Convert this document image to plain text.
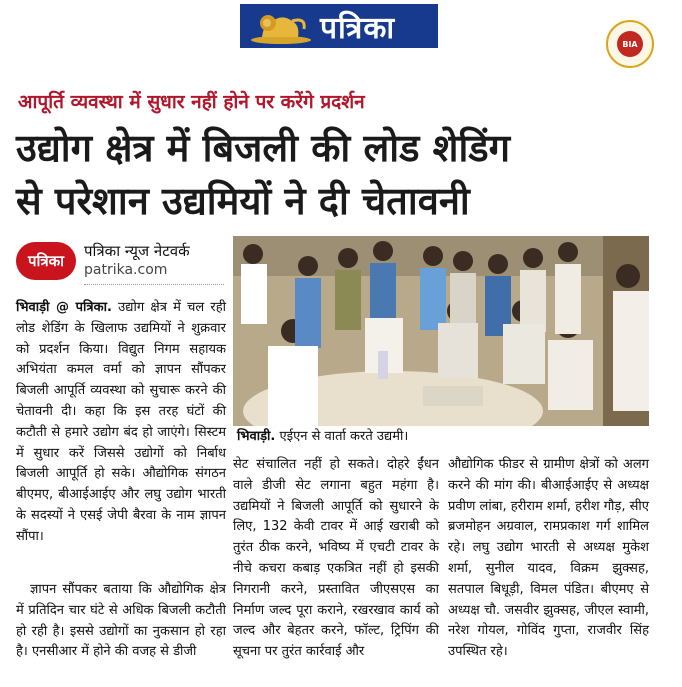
पत्रिका	BIA
आपूर्ति व्यवस्था में सुधार नहीं होने पर करेंगे प्रदर्शन
उद्योग क्षेत्र में बिजली की लोड शेडिंग
से परेशान उद्यमियों ने दी चेतावनी
पत्रिका
पत्रिका न्यूज नेटवर्क
patrika.com
भिवाड़ी. एईएन से वार्ता करते उद्यमी।

भिवाड़ी @ पत्रिका. उद्योग क्षेत्र में चल रही लोड शेडिंग के खिलाफ उद्यमियों ने शुक्रवार को प्रदर्शन किया। विद्युत निगम सहायक अभियंता कमल वर्मा को ज्ञापन सौंपकर बिजली आपूर्ति व्यवस्था को सुचारू करने की चेतावनी दी। कहा कि इस तरह घंटों की कटौती से हमारे उद्योग बंद हो जाएंगे। सिस्टम में सुधार करें जिससे उद्योगों को निर्बाध बिजली आपूर्ति हो सके। औद्योगिक संगठन बीएमए, बीआईआईए और लघु उद्योग भारती के सदस्यों ने एसई जेपी बैरवा के नाम ज्ञापन सौंपा।

ज्ञापन सौंपकर बताया कि औद्योगिक क्षेत्र में प्रतिदिन चार घंटे से अधिक बिजली कटौती हो रही है। इससे उद्योगों का नुकसान हो रहा है। एनसीआर में होने की वजह से डीजी

सेट संचालित नहीं हो सकते। दोहरे ईंधन वाले डीजी सेट लगाना बहुत महंगा है। उद्यमियों ने बिजली आपूर्ति को सुधारने के लिए, 132 केवी टावर में आई खराबी को तुरंत ठीक करने, भविष्य में एचटी टावर के नीचे कचरा कबाड़ एकत्रित नहीं हो इसकी निगरानी करने, प्रस्तावित जीएसएस का निर्माण जल्द पूरा कराने, रखरखाव कार्य को जल्द और बेहतर करने, फॉल्ट, ट्रिपिंग की सूचना पर तुरंत कार्रवाई और

औद्योगिक फीडर से ग्रामीण क्षेत्रों को अलग करने की मांग की। बीआईआईए से अध्यक्ष प्रवीण लांबा, हरीराम शर्मा, हरीश गौड़, सीए ब्रजमोहन अग्रवाल, रामप्रकाश गर्ग शामिल रहे। लघु उद्योग भारती से अध्यक्ष मुकेश शर्मा, सुनील यादव, विक्रम झुक्सह, सतपाल बिधूड़ी, विमल पंडित। बीएमए से अध्यक्ष चौ. जसवीर झुक्सह, जीएल स्वामी, नरेश गोयल, गोविंद गुप्ता, राजवीर सिंह उपस्थित रहे।
